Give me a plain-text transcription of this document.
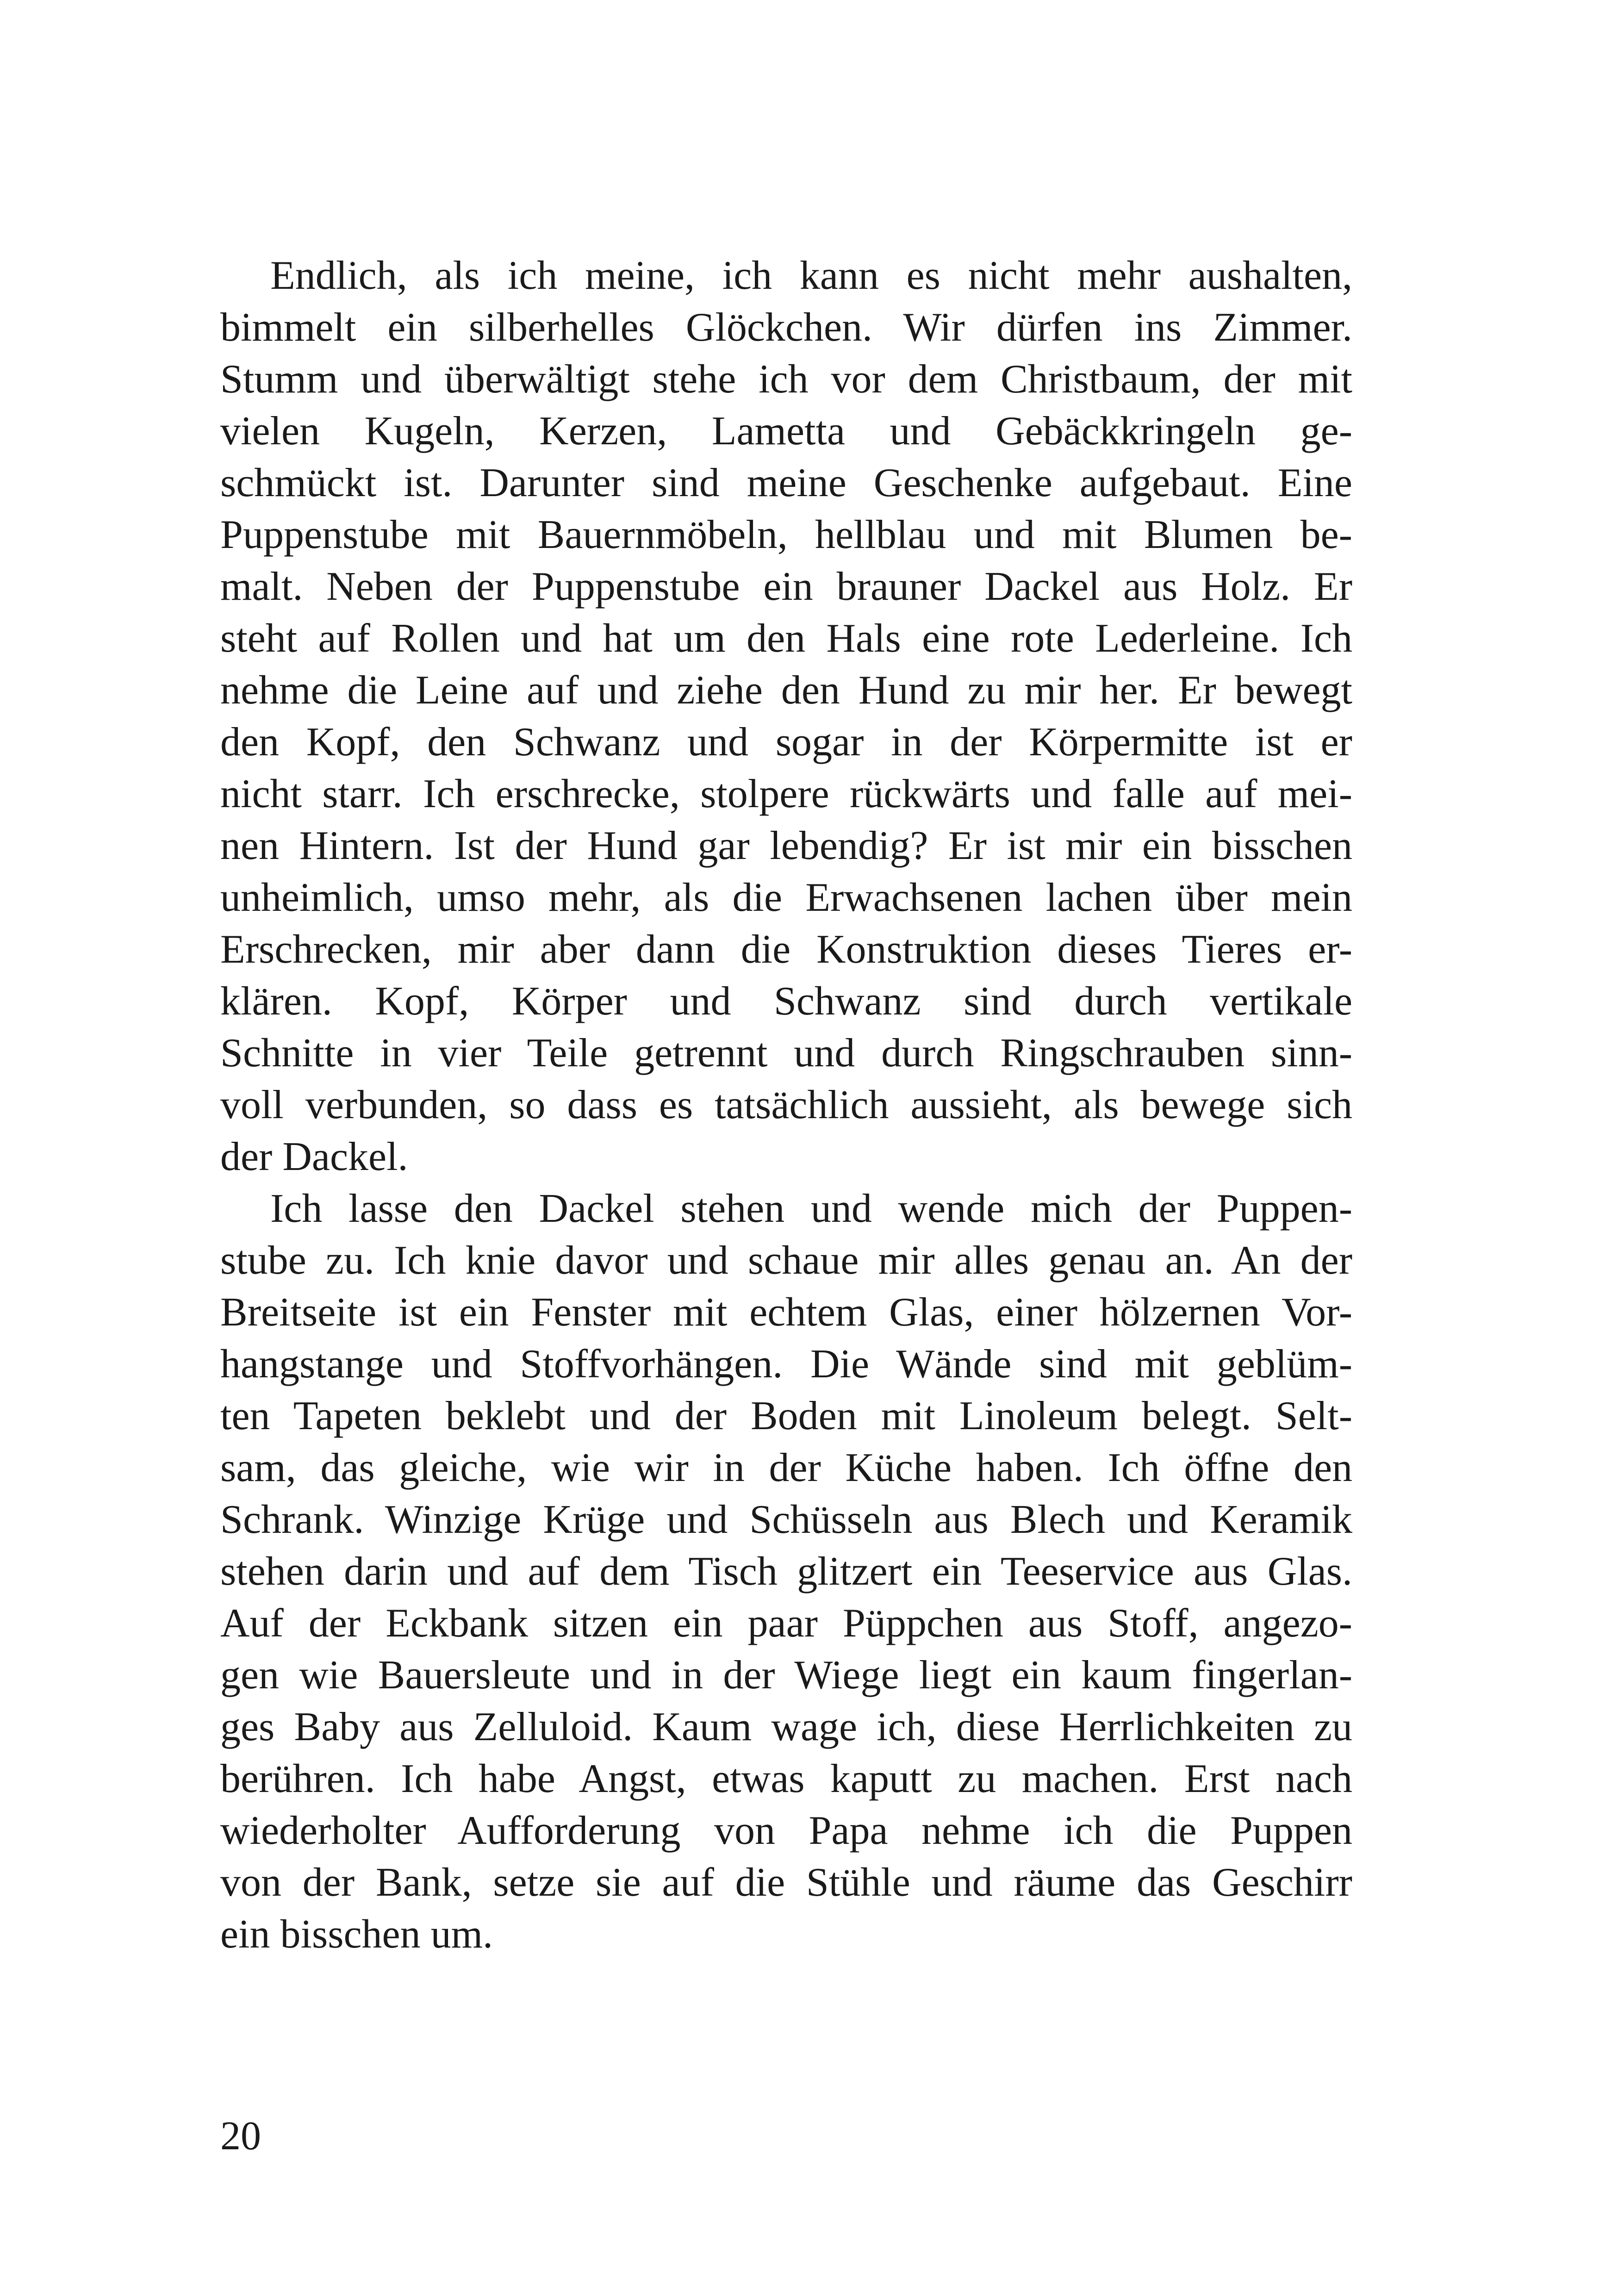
Endlich, als ich meine, ich kann es nicht mehr aushalten,
bimmelt ein silberhelles Glöckchen. Wir dürfen ins Zimmer.
Stumm und überwältigt stehe ich vor dem Christbaum, der mit
vielen Kugeln, Kerzen, Lametta und Gebäckkringeln ge-
schmückt ist. Darunter sind meine Geschenke aufgebaut. Eine
Puppenstube mit Bauernmöbeln, hellblau und mit Blumen be-
malt. Neben der Puppenstube ein brauner Dackel aus Holz. Er
steht auf Rollen und hat um den Hals eine rote Lederleine. Ich
nehme die Leine auf und ziehe den Hund zu mir her. Er bewegt
den Kopf, den Schwanz und sogar in der Körpermitte ist er
nicht starr. Ich erschrecke, stolpere rückwärts und falle auf mei-
nen Hintern. Ist der Hund gar lebendig? Er ist mir ein bisschen
unheimlich, umso mehr, als die Erwachsenen lachen über mein
Erschrecken, mir aber dann die Konstruktion dieses Tieres er-
klären. Kopf, Körper und Schwanz sind durch vertikale
Schnitte in vier Teile getrennt und durch Ringschrauben sinn-
voll verbunden, so dass es tatsächlich aussieht, als bewege sich
der Dackel.
Ich lasse den Dackel stehen und wende mich der Puppen-
stube zu. Ich knie davor und schaue mir alles genau an. An der
Breitseite ist ein Fenster mit echtem Glas, einer hölzernen Vor-
hangstange und Stoffvorhängen. Die Wände sind mit geblüm-
ten Tapeten beklebt und der Boden mit Linoleum belegt. Selt-
sam, das gleiche, wie wir in der Küche haben. Ich öffne den
Schrank. Winzige Krüge und Schüsseln aus Blech und Keramik
stehen darin und auf dem Tisch glitzert ein Teeservice aus Glas.
Auf der Eckbank sitzen ein paar Püppchen aus Stoff, angezo-
gen wie Bauersleute und in der Wiege liegt ein kaum fingerlan-
ges Baby aus Zelluloid. Kaum wage ich, diese Herrlichkeiten zu
berühren. Ich habe Angst, etwas kaputt zu machen. Erst nach
wiederholter Aufforderung von Papa nehme ich die Puppen
von der Bank, setze sie auf die Stühle und räume das Geschirr
ein bisschen um.
20
